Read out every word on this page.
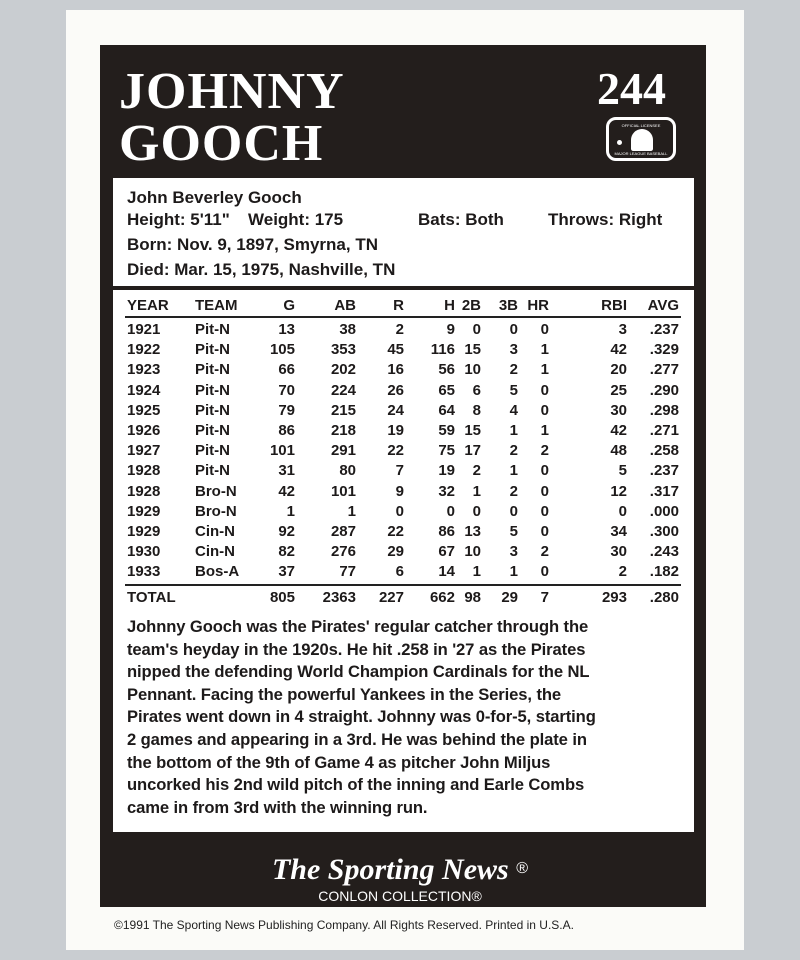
JOHNNY
GOOCH
244
OFFICIAL LICENSEE
MAJOR LEAGUE BASEBALL
John Beverley Gooch
Height: 5'11" Weight: 175	Bats: Both	Throws: Right
Born: Nov. 9, 1897, Smyrna, TN
Died: Mar. 15, 1975, Nashville, TN
YEAR TEAM	G	AB R	H 2B 3B HR	RBI AVG
1921 Pit-N	13	38	2	9 0 0 0	3 .237
1922 Pit-N	105 353 45 116 15 3 1	42 .329
1923 Pit-N	66 202 16 56 10 2 1	20 .277
1924 Pit-N	70 224 26 65 6 5 0	25 .290
1925 Pit-N	79 215 24 64 8 4 0	30 .298
1926 Pit-N	86 218 19 59 15 1 1	42 .271
1927 Pit-N	101 291 22 75 17 2 2	48 .258
1928 Pit-N	31	80	7 19 2 1 0	5 .237
1928 Bro-N	42 101	9 32 1 2 0	12 .317
1929 Bro-N	1	1	0	0 0 0 0	0 .000
1929 Cin-N	92 287 22 86 13 5 0	34 .300
1930 Cin-N	82 276 29 67 10 3 2	30 .243
1933 Bos-A	37	77	6 14 1 1 0	2 .182
TOTAL	805 2363 227 662 98 29 7	293 .280
Johnny Gooch was the Pirates' regular catcher through the
team's heyday in the 1920s. He hit .258 in '27 as the Pirates
nipped the defending World Champion Cardinals for the NL
Pennant. Facing the powerful Yankees in the Series, the
Pirates went down in 4 straight. Johnny was 0-for-5, starting
2 games and appearing in a 3rd. He was behind the plate in
the bottom of the 9th of Game 4 as pitcher John Miljus
uncorked his 2nd wild pitch of the inning and Earle Combs
came in from 3rd with the winning run.
The Sporting News ®
CONLON COLLECTION®
©1991 The Sporting News Publishing Company. All Rights Reserved. Printed in U.S.A.
